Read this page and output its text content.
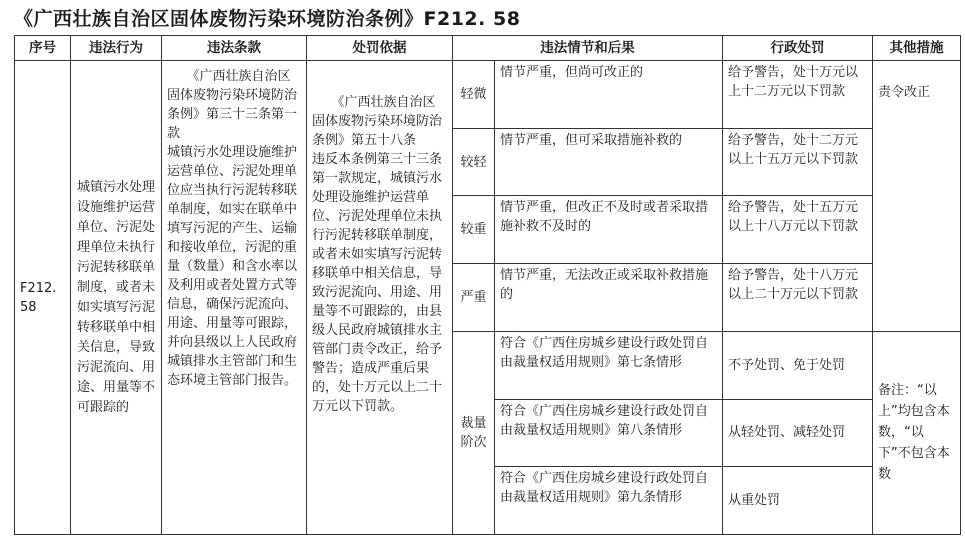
《广西壮族自治区固体废物污染环境防治条例》F212. 58
序号	违法行为	违法条款	处罚依据	违法情节和后果		行政处罚	其他措施
F212. 58	城镇污水处理设施维护运营单位、污泥处理单位未执行污泥转移联单制度，或者未如实填写污泥转移联单中相关信息，导致污泥流向、用途、用量等不可跟踪的	　　《广西壮族自治区固体废物污染环境防治条例》第三十三条第一款
城镇污水处理设施维护运营单位、污泥处理单位应当执行污泥转移联单制度，如实在联单中填写污泥的产生、运输和接收单位，污泥的重量（数量）和含水率以及利用或者处置方式等信息，确保污泥流向、用途、用量等可跟踪，并向县级以上人民政府城镇排水主管部门和生态环境主管部门报告。	　　《广西壮族自治区固体废物污染环境防治条例》第五十八条
违反本条例第三十三条第一款规定，城镇污水处理设施维护运营单位、污泥处理单位未执行污泥转移联单制度，或者未如实填写污泥转移联单中相关信息，导致污泥流向、用途、用量等不可跟踪的，由县级人民政府城镇排水主管部门责令改正，给予警告；造成严重后果的，处十万元以上二十万元以下罚款。	轻微	情节严重，但尚可改正的	给予警告，处十万元以上十二万元以下罚款	责令改正
				较轻	情节严重，但可采取措施补救的	给予警告，处十二万元以上十五万元以下罚款	
				较重	情节严重，但改正不及时或者采取措施补救不及时的	给予警告，处十五万元以上十八万元以下罚款	
				严重	情节严重，无法改正或采取补救措施的	给予警告，处十八万元以上二十万元以下罚款	
				裁量阶次	符合《广西住房城乡建设行政处罚自由裁量权适用规则》第七条情形	不予处罚、免于处罚	备注：“以上”均包含本数，“以下”不包含本数
					符合《广西住房城乡建设行政处罚自由裁量权适用规则》第八条情形	从轻处罚、减轻处罚	
					符合《广西住房城乡建设行政处罚自由裁量权适用规则》第九条情形	从重处罚	
